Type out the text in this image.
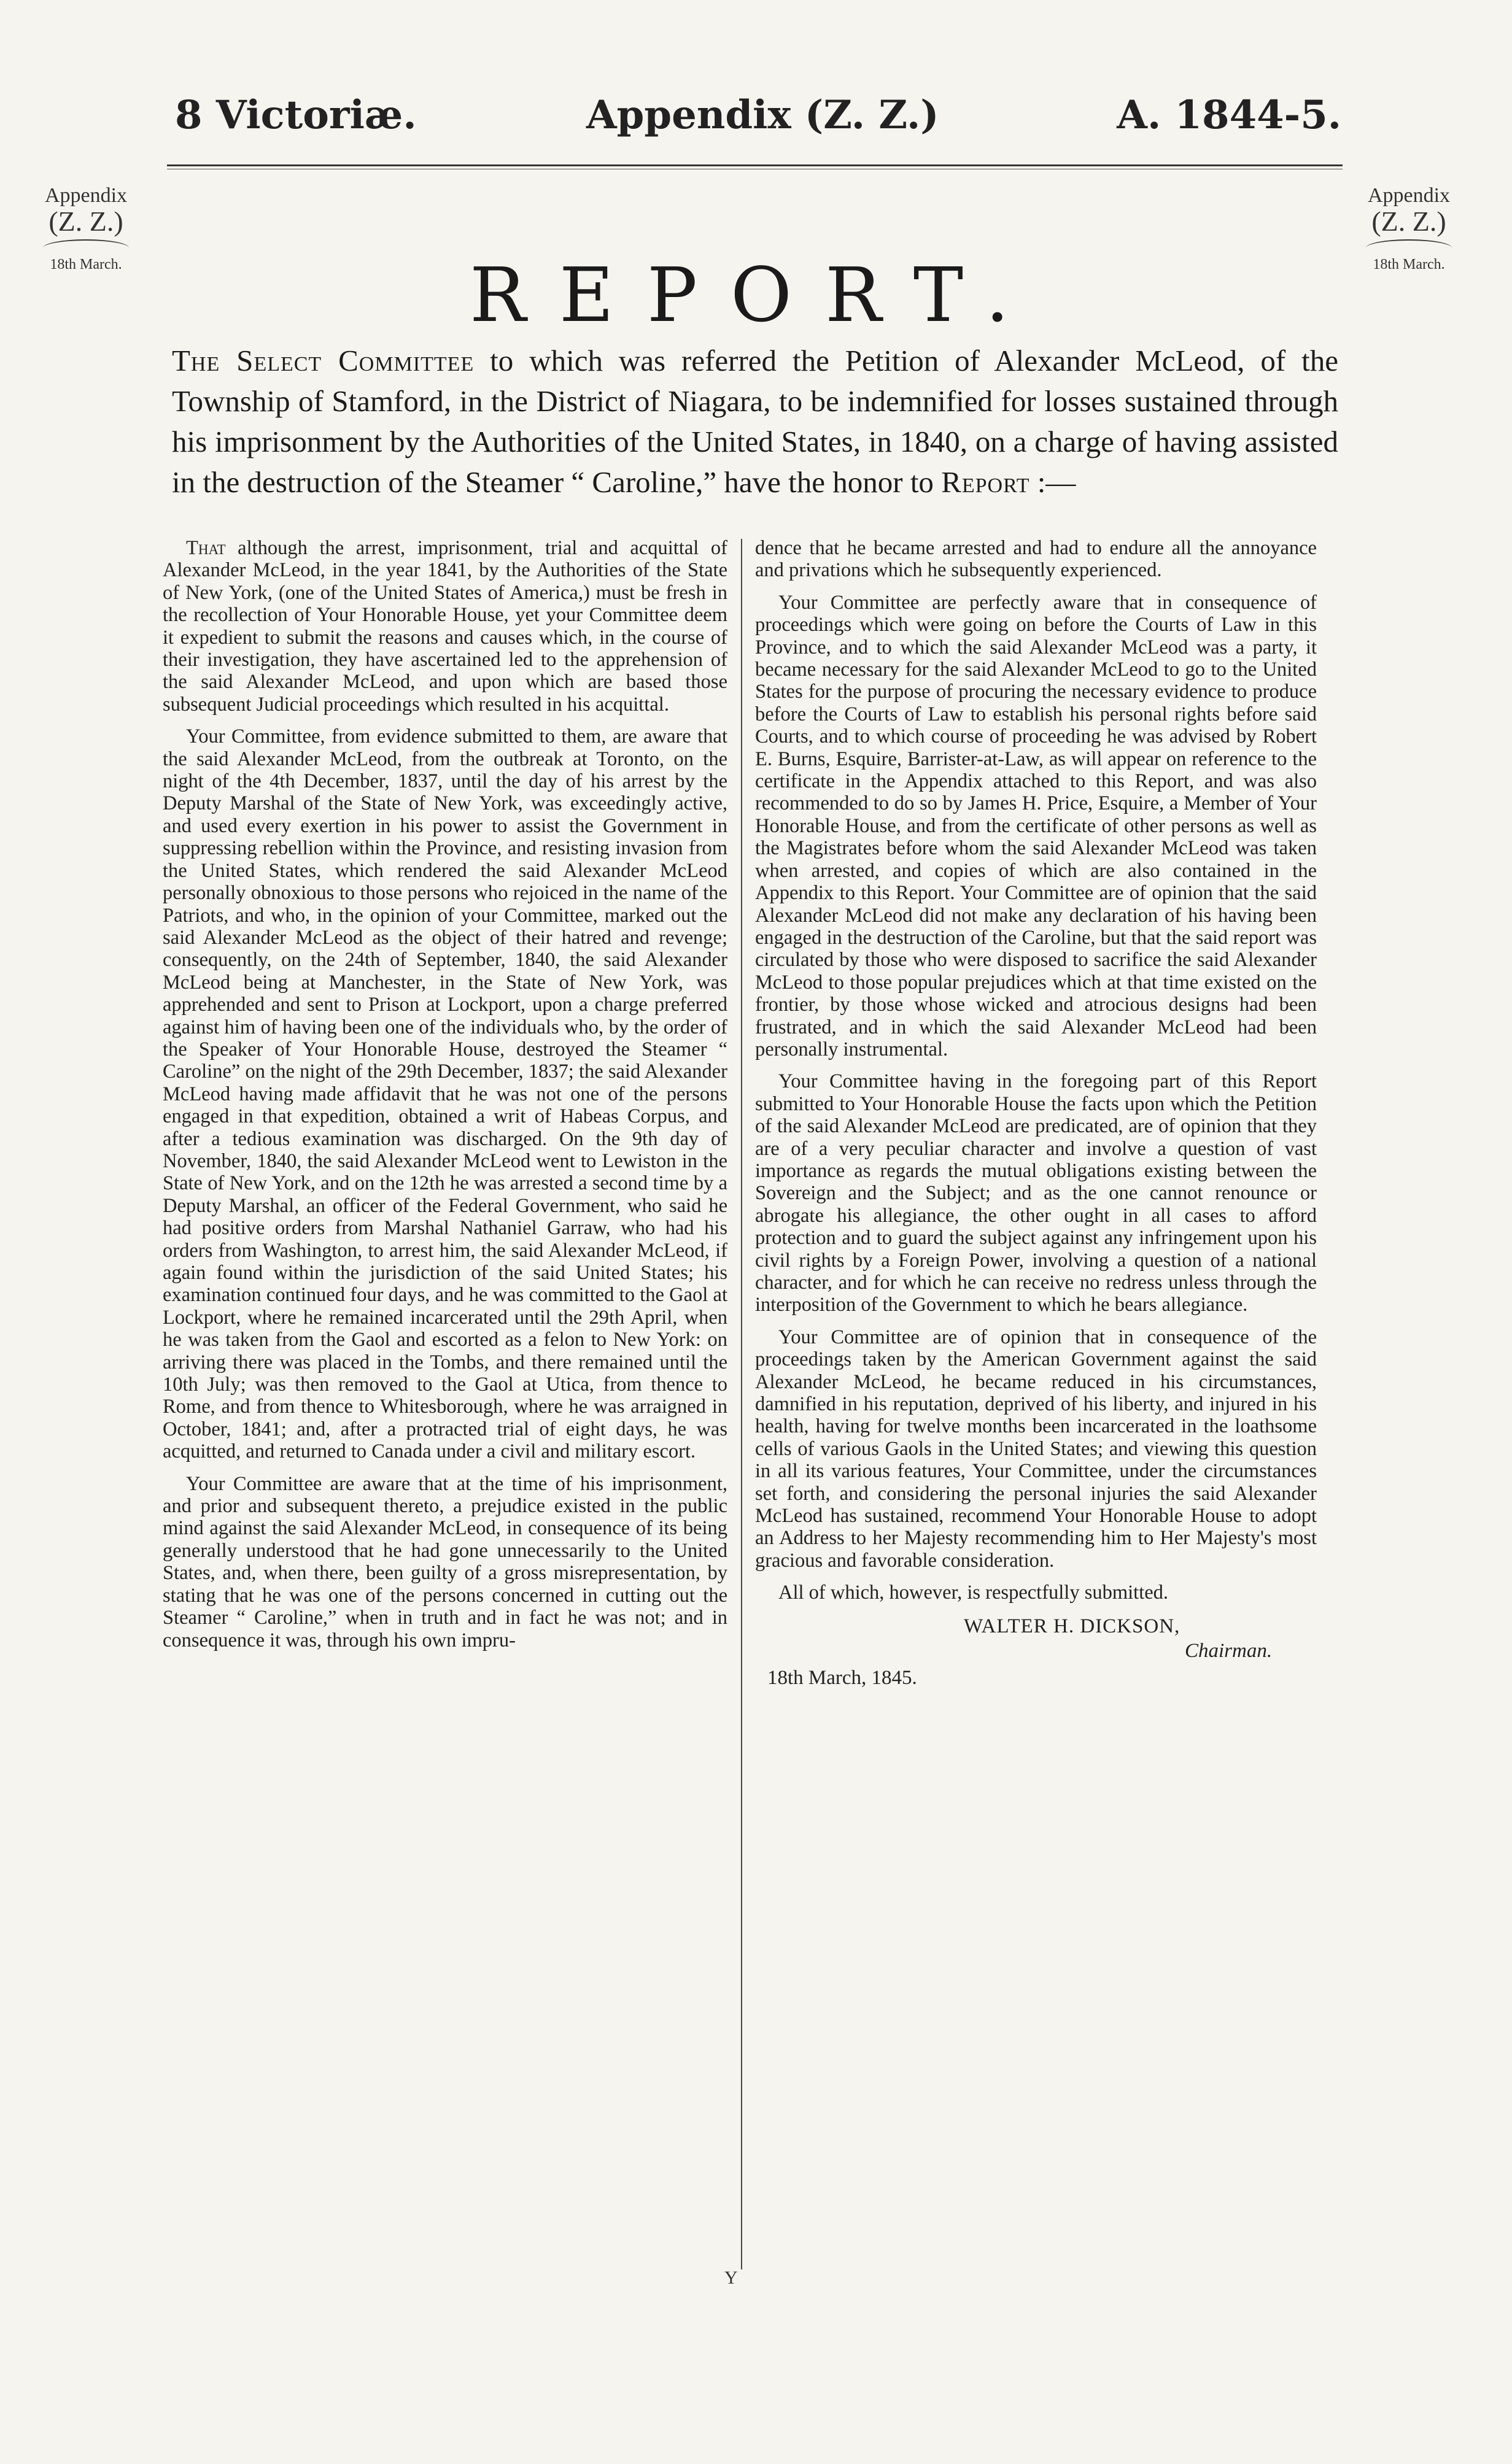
8 Victoriæ.	Appendix (Z. Z.)	A. 1844-5.
Appendix
(Z. Z.)
18th March.
Appendix
(Z. Z.)
18th March.
REPORT.
The Select Committee to which was referred the Petition of Alexander McLeod, of the Township of Stamford, in the District of Niagara, to be indemnified for losses sustained through his imprisonment by the Authorities of the United States, in 1840, on a charge of having assisted in the destruction of the Steamer “ Caroline,” have the honor to Report :—

That although the arrest, imprisonment, trial and acquittal of Alexander McLeod, in the year 1841, by the Authorities of the State of New York, (one of the United States of America,) must be fresh in the recollection of Your Honorable House, yet your Committee deem it expedient to submit the reasons and causes which, in the course of their investigation, they have ascertained led to the apprehension of the said Alexander McLeod, and upon which are based those subsequent Judicial proceedings which resulted in his acquittal.

Your Committee, from evidence submitted to them, are aware that the said Alexander McLeod, from the outbreak at Toronto, on the night of the 4th December, 1837, until the day of his arrest by the Deputy Marshal of the State of New York, was exceedingly active, and used every exertion in his power to assist the Government in suppressing rebellion within the Province, and resisting invasion from the United States, which rendered the said Alexander McLeod personally obnoxious to those persons who rejoiced in the name of the Patriots, and who, in the opinion of your Committee, marked out the said Alexander McLeod as the object of their hatred and revenge; consequently, on the 24th of September, 1840, the said Alexander McLeod being at Manchester, in the State of New York, was apprehended and sent to Prison at Lockport, upon a charge preferred against him of having been one of the individuals who, by the order of the Speaker of Your Honorable House, destroyed the Steamer “ Caroline” on the night of the 29th December, 1837; the said Alexander McLeod having made affidavit that he was not one of the persons engaged in that expedition, obtained a writ of Habeas Corpus, and after a tedious examination was discharged. On the 9th day of November, 1840, the said Alexander McLeod went to Lewiston in the State of New York, and on the 12th he was arrested a second time by a Deputy Marshal, an officer of the Federal Government, who said he had positive orders from Marshal Nathaniel Garraw, who had his orders from Washington, to arrest him, the said Alexander McLeod, if again found within the jurisdiction of the said United States; his examination continued four days, and he was committed to the Gaol at Lockport, where he remained incarcerated until the 29th April, when he was taken from the Gaol and escorted as a felon to New York: on arriving there was placed in the Tombs, and there remained until the 10th July; was then removed to the Gaol at Utica, from thence to Rome, and from thence to Whitesborough, where he was arraigned in October, 1841; and, after a protracted trial of eight days, he was acquitted, and returned to Canada under a civil and military escort.

Your Committee are aware that at the time of his imprisonment, and prior and subsequent thereto, a prejudice existed in the public mind against the said Alexander McLeod, in consequence of its being generally understood that he had gone unnecessarily to the United States, and, when there, been guilty of a gross misrepresentation, by stating that he was one of the persons concerned in cutting out the Steamer “ Caroline,” when in truth and in fact he was not; and in consequence it was, through his own impru-

dence that he became arrested and had to endure all the annoyance and privations which he subsequently experienced.

Your Committee are perfectly aware that in consequence of proceedings which were going on before the Courts of Law in this Province, and to which the said Alexander McLeod was a party, it became necessary for the said Alexander McLeod to go to the United States for the purpose of procuring the necessary evidence to produce before the Courts of Law to establish his personal rights before said Courts, and to which course of proceeding he was advised by Robert E. Burns, Esquire, Barrister-at-Law, as will appear on reference to the certificate in the Appendix attached to this Report, and was also recommended to do so by James H. Price, Esquire, a Member of Your Honorable House, and from the certificate of other persons as well as the Magistrates before whom the said Alexander McLeod was taken when arrested, and copies of which are also contained in the Appendix to this Report. Your Committee are of opinion that the said Alexander McLeod did not make any declaration of his having been engaged in the destruction of the Caroline, but that the said report was circulated by those who were disposed to sacrifice the said Alexander McLeod to those popular prejudices which at that time existed on the frontier, by those whose wicked and atrocious designs had been frustrated, and in which the said Alexander McLeod had been personally instrumental.

Your Committee having in the foregoing part of this Report submitted to Your Honorable House the facts upon which the Petition of the said Alexander McLeod are predicated, are of opinion that they are of a very peculiar character and involve a question of vast importance as regards the mutual obligations existing between the Sovereign and the Subject; and as the one cannot renounce or abrogate his allegiance, the other ought in all cases to afford protection and to guard the subject against any infringement upon his civil rights by a Foreign Power, involving a question of a national character, and for which he can receive no redress unless through the interposition of the Government to which he bears allegiance.

Your Committee are of opinion that in consequence of the proceedings taken by the American Government against the said Alexander McLeod, he became reduced in his circumstances, damnified in his reputation, deprived of his liberty, and injured in his health, having for twelve months been incarcerated in the loathsome cells of various Gaols in the United States; and viewing this question in all its various features, Your Committee, under the circumstances set forth, and considering the personal injuries the said Alexander McLeod has sustained, recommend Your Honorable House to adopt an Address to her Majesty recommending him to Her Majesty's most gracious and favorable consideration.

All of which, however, is respectfully submitted.

WALTER H. DICKSON,
Chairman.
18th March, 1845.
Y
